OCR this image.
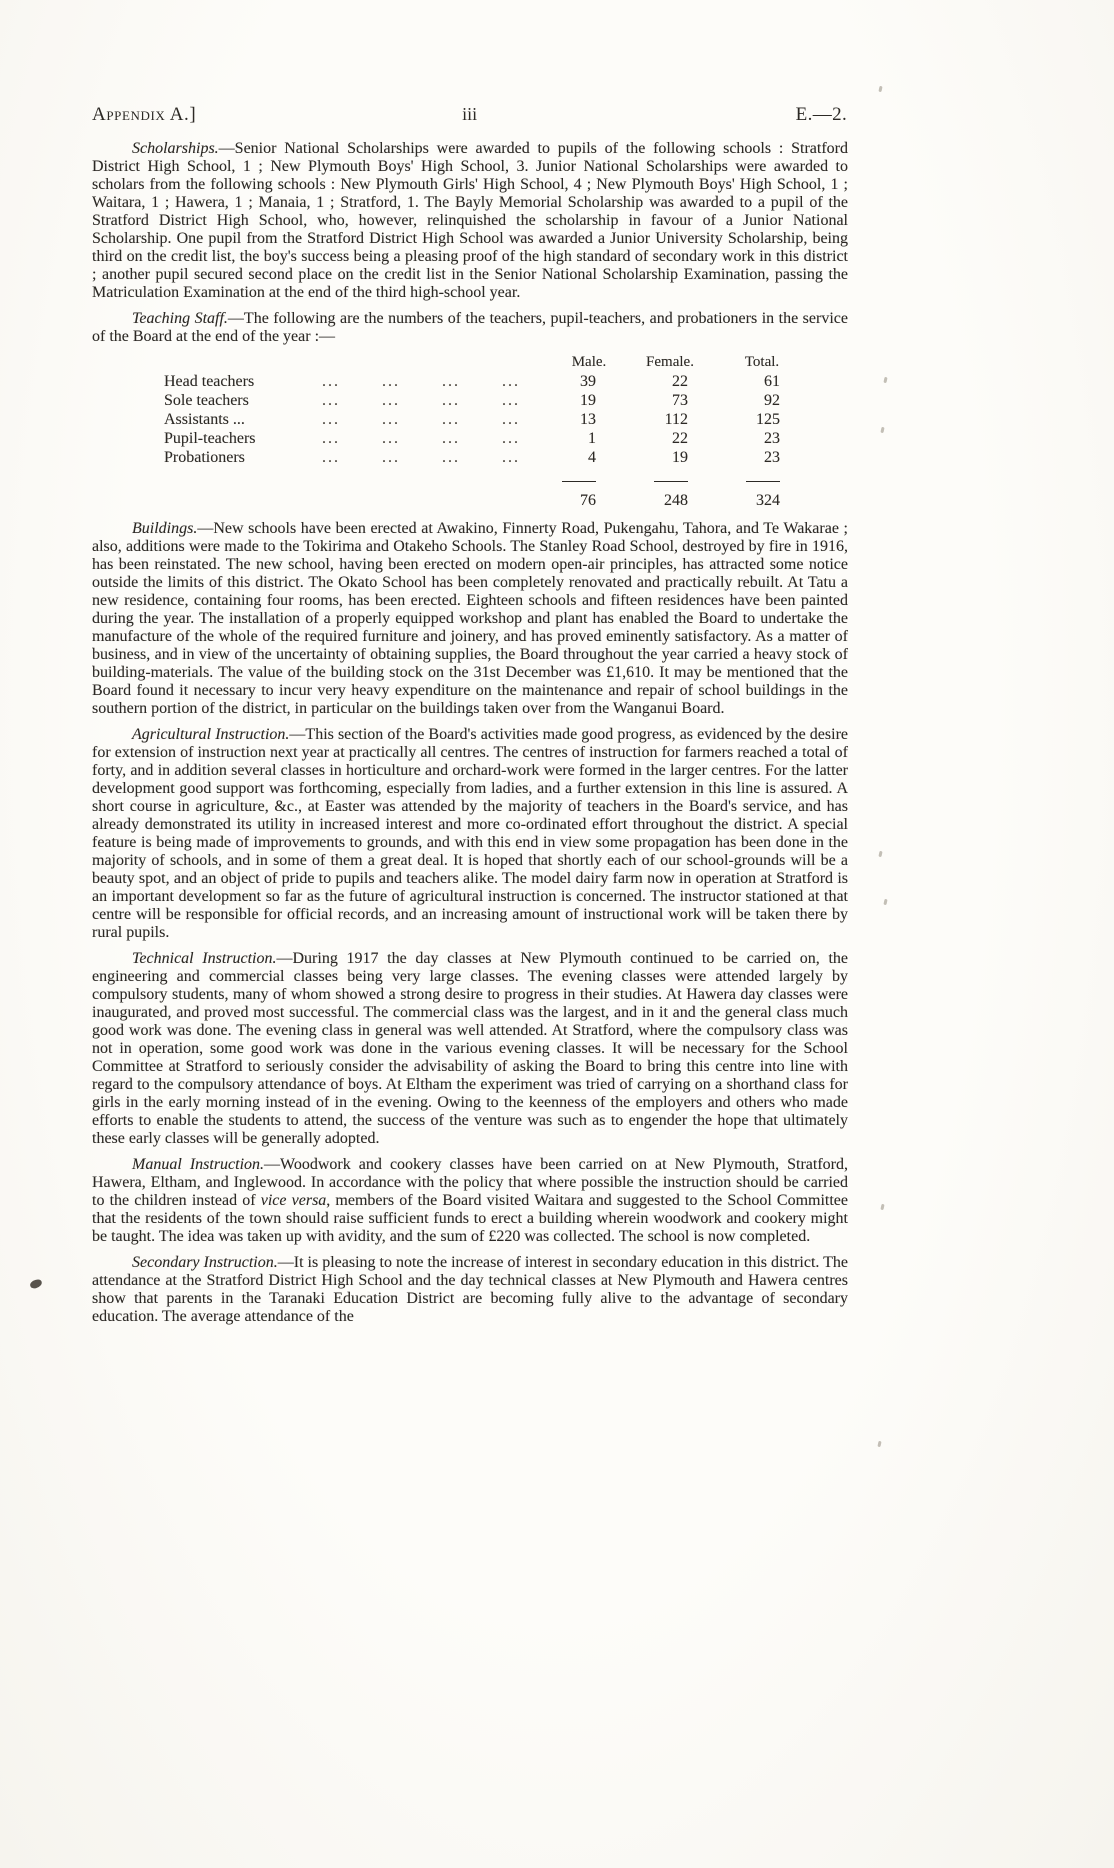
Appendix A.]	iii	E.—2.

Scholarships.—Senior National Scholarships were awarded to pupils of the following schools : Stratford District High School, 1 ; New Plymouth Boys' High School, 3. Junior National Scholarships were awarded to scholars from the following schools : New Plymouth Girls' High School, 4 ; New Plymouth Boys' High School, 1 ; Waitara, 1 ; Hawera, 1 ; Manaia, 1 ; Stratford, 1. The Bayly Memorial Scholarship was awarded to a pupil of the Stratford District High School, who, however, relinquished the scholarship in favour of a Junior National Scholarship. One pupil from the Stratford District High School was awarded a Junior University Scholarship, being third on the credit list, the boy's success being a pleasing proof of the high standard of secondary work in this district ; another pupil secured second place on the credit list in the Senior National Scholarship Examination, passing the Matriculation Examination at the end of the third high-school year.

Teaching Staff.—The following are the numbers of the teachers, pupil-teachers, and probationers in the service of the Board at the end of the year :—

Male.	Female.	Total.
Head teachers	...	...	...	...	39	22	61
Sole teachers	...	...	...	...	19	73	92
Assistants ...	...	...	...	...	13	112	125
Pupil-teachers	...	...	...	...	1	22	23
Probationers	...	...	...	...	4	19	23
76	248	324

Buildings.—New schools have been erected at Awakino, Finnerty Road, Pukengahu, Tahora, and Te Wakarae ; also, additions were made to the Tokirima and Otakeho Schools. The Stanley Road School, destroyed by fire in 1916, has been reinstated. The new school, having been erected on modern open-air principles, has attracted some notice outside the limits of this district. The Okato School has been completely renovated and practically rebuilt. At Tatu a new residence, containing four rooms, has been erected. Eighteen schools and fifteen residences have been painted during the year. The installation of a properly equipped workshop and plant has enabled the Board to undertake the manufacture of the whole of the required furniture and joinery, and has proved eminently satisfactory. As a matter of business, and in view of the uncertainty of obtaining supplies, the Board throughout the year carried a heavy stock of building-materials. The value of the building stock on the 31st December was £1,610. It may be mentioned that the Board found it necessary to incur very heavy expenditure on the maintenance and repair of school buildings in the southern portion of the district, in particular on the buildings taken over from the Wanganui Board.

Agricultural Instruction.—This section of the Board's activities made good progress, as evidenced by the desire for extension of instruction next year at practically all centres. The centres of instruction for farmers reached a total of forty, and in addition several classes in horticulture and orchard-work were formed in the larger centres. For the latter development good support was forthcoming, especially from ladies, and a further extension in this line is assured. A short course in agriculture, &c., at Easter was attended by the majority of teachers in the Board's service, and has already demonstrated its utility in increased interest and more co-ordinated effort throughout the district. A special feature is being made of improvements to grounds, and with this end in view some propagation has been done in the majority of schools, and in some of them a great deal. It is hoped that shortly each of our school-grounds will be a beauty spot, and an object of pride to pupils and teachers alike. The model dairy farm now in operation at Stratford is an important development so far as the future of agricultural instruction is concerned. The instructor stationed at that centre will be responsible for official records, and an increasing amount of instructional work will be taken there by rural pupils.

Technical Instruction.—During 1917 the day classes at New Plymouth continued to be carried on, the engineering and commercial classes being very large classes. The evening classes were attended largely by compulsory students, many of whom showed a strong desire to progress in their studies. At Hawera day classes were inaugurated, and proved most successful. The commercial class was the largest, and in it and the general class much good work was done. The evening class in general was well attended. At Stratford, where the compulsory class was not in operation, some good work was done in the various evening classes. It will be necessary for the School Committee at Stratford to seriously consider the advisability of asking the Board to bring this centre into line with regard to the compulsory attendance of boys. At Eltham the experiment was tried of carrying on a shorthand class for girls in the early morning instead of in the evening. Owing to the keenness of the employers and others who made efforts to enable the students to attend, the success of the venture was such as to engender the hope that ultimately these early classes will be generally adopted.

Manual Instruction.—Woodwork and cookery classes have been carried on at New Plymouth, Stratford, Hawera, Eltham, and Inglewood. In accordance with the policy that where possible the instruction should be carried to the children instead of vice versa, members of the Board visited Waitara and suggested to the School Committee that the residents of the town should raise sufficient funds to erect a building wherein woodwork and cookery might be taught. The idea was taken up with avidity, and the sum of £220 was collected. The school is now completed.

Secondary Instruction.—It is pleasing to note the increase of interest in secondary education in this district. The attendance at the Stratford District High School and the day technical classes at New Plymouth and Hawera centres show that parents in the Taranaki Education District are becoming fully alive to the advantage of secondary education. The average attendance of the
